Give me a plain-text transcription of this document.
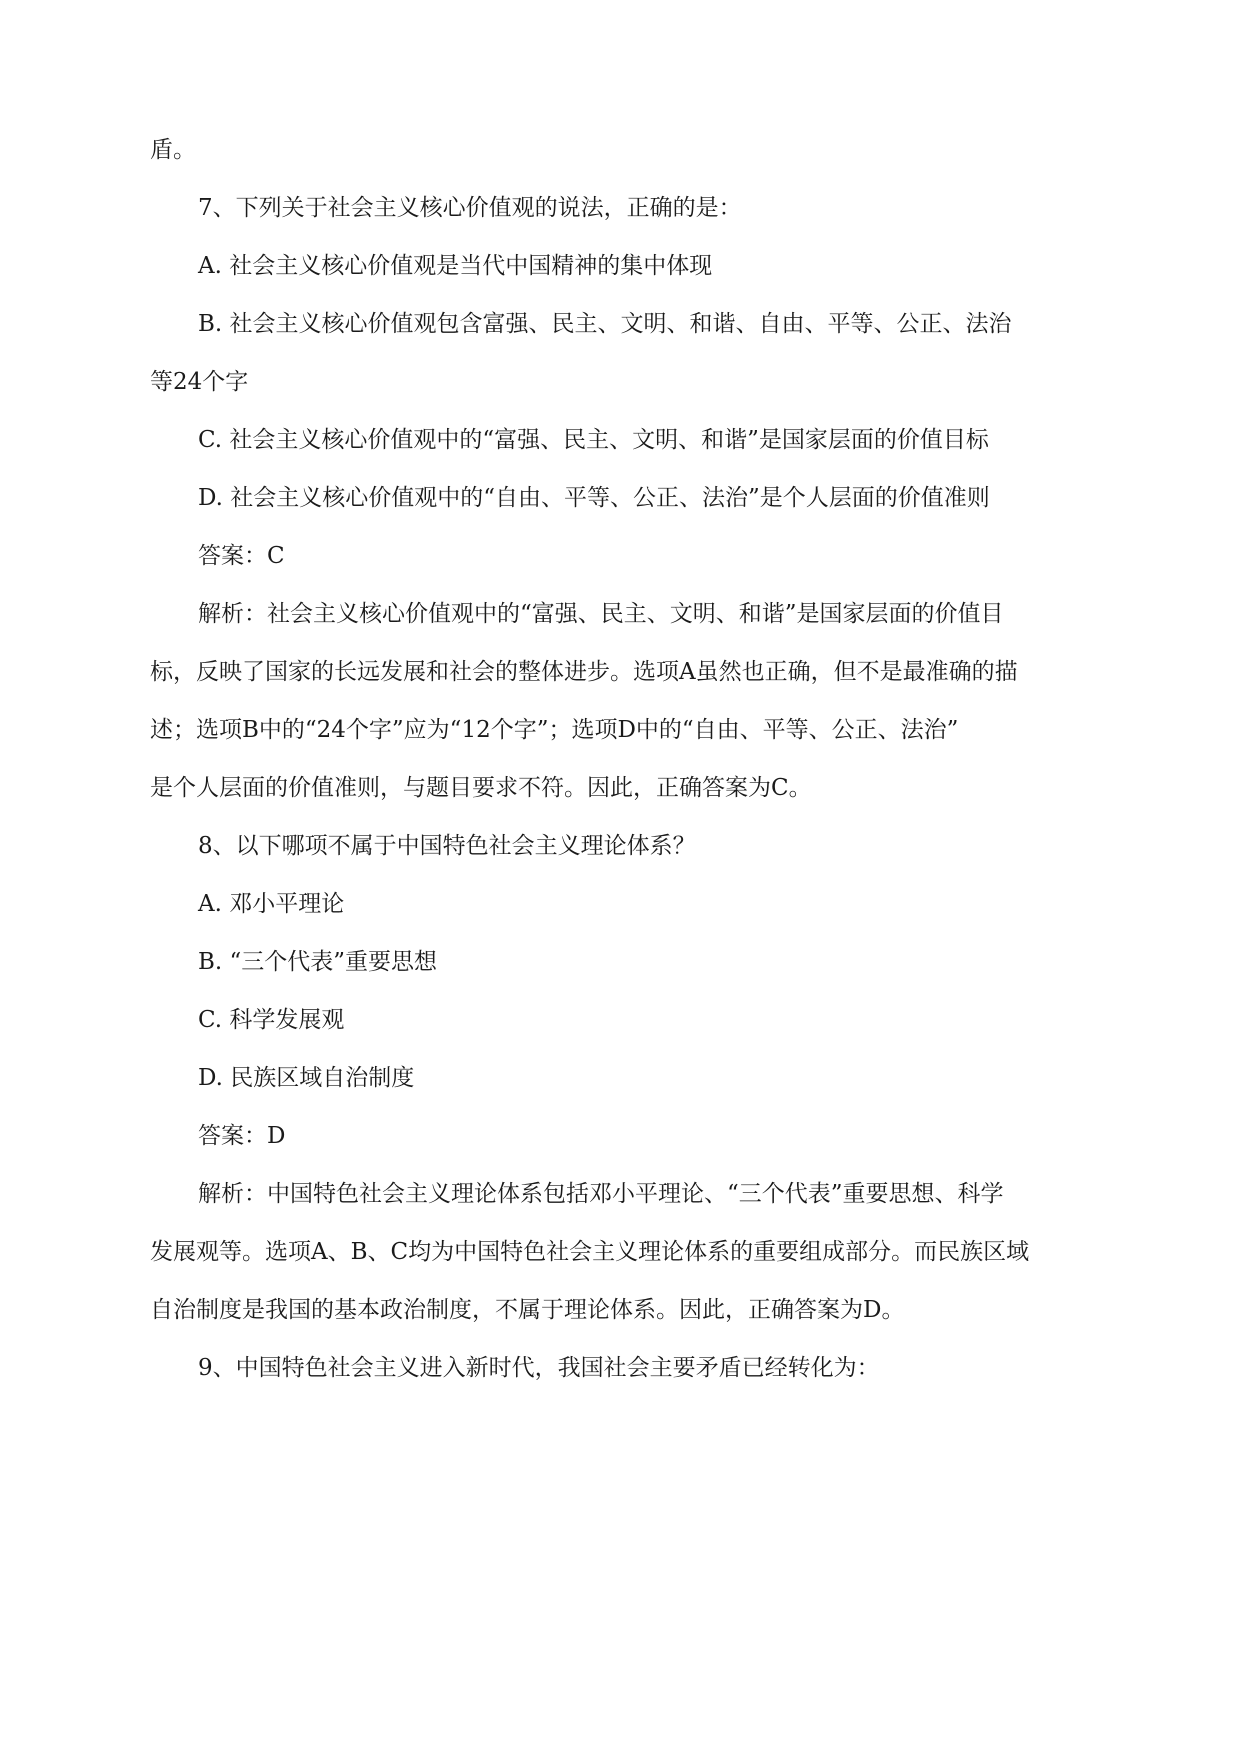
盾。
7、下列关于社会主义核心价值观的说法，正确的是：
A. 社会主义核心价值观是当代中国精神的集中体现
B. 社会主义核心价值观包含富强、民主、文明、和谐、自由、平等、公正、法治
等24个字
C. 社会主义核心价值观中的“富强、民主、文明、和谐”是国家层面的价值目标
D. 社会主义核心价值观中的“自由、平等、公正、法治”是个人层面的价值准则
答案：C
解析：社会主义核心价值观中的“富强、民主、文明、和谐”是国家层面的价值目
标，反映了国家的长远发展和社会的整体进步。选项A虽然也正确，但不是最准确的描
述；选项B中的“24个字”应为“12个字”；选项D中的“自由、平等、公正、法治”
是个人层面的价值准则，与题目要求不符。因此，正确答案为C。
8、以下哪项不属于中国特色社会主义理论体系？
A. 邓小平理论
B. “三个代表”重要思想
C. 科学发展观
D. 民族区域自治制度
答案：D
解析：中国特色社会主义理论体系包括邓小平理论、“三个代表”重要思想、科学
发展观等。选项A、B、C均为中国特色社会主义理论体系的重要组成部分。而民族区域
自治制度是我国的基本政治制度，不属于理论体系。因此，正确答案为D。
9、中国特色社会主义进入新时代，我国社会主要矛盾已经转化为：
